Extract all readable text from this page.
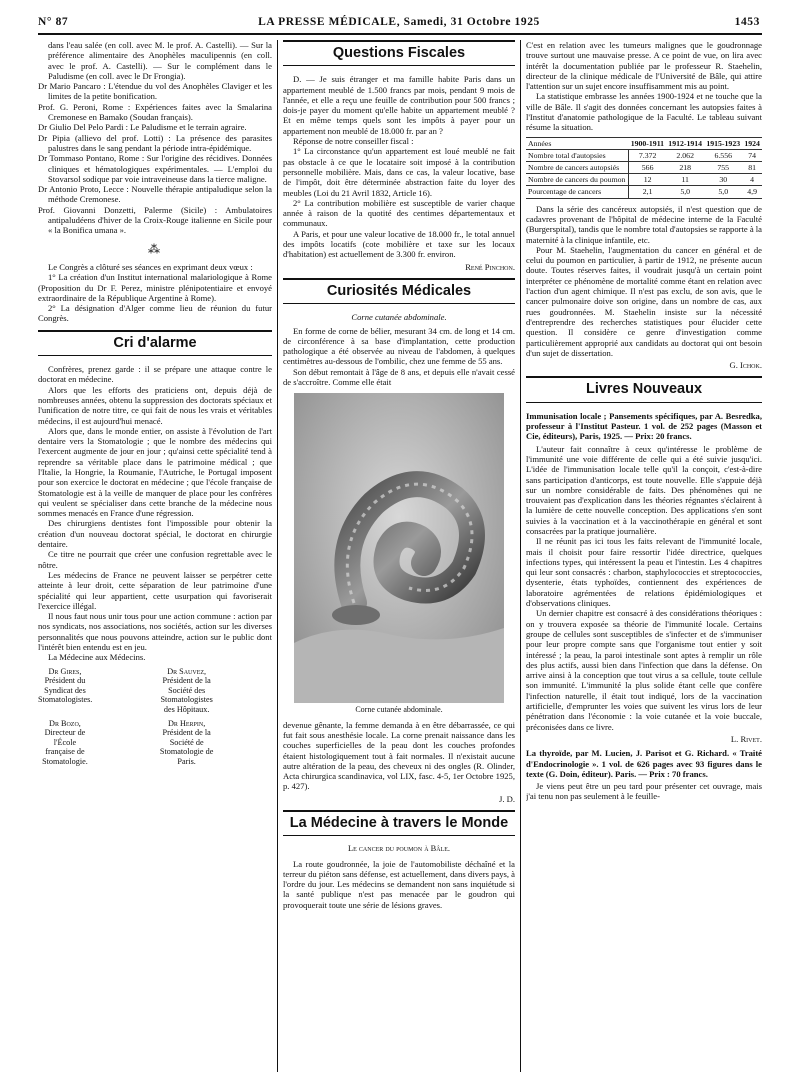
N° 87	LA PRESSE MÉDICALE, Samedi, 31 Octobre 1925	1453

dans l'eau salée (en coll. avec M. le prof. A. Castelli). — Sur la préférence alimentaire des Anophèles maculipennis (en coll. avec le prof. A. Castelli). — Sur le complément dans le Paludisme (en coll. avec le Dr Frongia).

Dr Mario Pancaro : L'étendue du vol des Anophèles Claviger et les limites de la petite bonification.

Prof. G. Peroni, Rome : Expériences faites avec la Smalarina Cremonese en Bamako (Soudan français).

Dr Giulio Del Pelo Pardi : Le Paludisme et le terrain agraire.

Dr Pipia (allievo del prof. Lotti) : La présence des parasites palustres dans le sang pendant la période intra-épidémique.

Dr Tommaso Pontano, Rome : Sur l'origine des récidives. Données cliniques et hématologiques expérimentales. — L'emploi du Stovarsol sodique par voie intraveineuse dans la tierce maligne.

Dr Antonio Proto, Lecce : Nouvelle thérapie antipaludique selon la méthode Cremonese.

Prof. Giovanni Donzetti, Palerme (Sicile) : Ambulatoires antipaludéens d'hiver de la Croix-Rouge italienne en Sicile pour « la Bonifica umana ».

⁂

Le Congrès a clôturé ses séances en exprimant deux vœux :

1° La création d'un Institut international malariologique à Rome (Proposition du Dr F. Perez, ministre plénipotentiaire et envoyé extraordinaire de la République Argentine à Rome).

2° La désignation d'Alger comme lieu de réunion du futur Congrès.

Cri d'alarme

Confrères, prenez garde : il se prépare une attaque contre le doctorat en médecine.

Alors que les efforts des praticiens ont, depuis déjà de nombreuses années, obtenu la suppression des doctorats spéciaux et l'unification de notre titre, ce qui fait de nous les vrais et véritables médecins, il est aujourd'hui menacé.

Alors que, dans le monde entier, on assiste à l'évolution de l'art dentaire vers la Stomatologie ; que le nombre des médecins qui l'exercent augmente de jour en jour ; qu'ainsi cette spécialité tend à reprendre sa véritable place dans le patrimoine médical ; que l'Italie, la Hongrie, la Roumanie, l'Autriche, le Portugal imposent pour son exercice le doctorat en médecine ; que l'école française de Stomatologie est à la veille de manquer de place pour les confrères qui veulent se spécialiser dans cette branche de la médecine nous sommes menacés en France d'une régression.

Des chirurgiens dentistes font l'impossible pour obtenir la création d'un nouveau doctorat spécial, le doctorat en chirurgie dentaire.

Ce titre ne pourrait que créer une confusion regrettable avec le nôtre.

Les médecins de France ne peuvent laisser se perpétrer cette atteinte à leur droit, cette séparation de leur patrimoine d'une spécialité qui leur appartient, cette usurpation qui favoriserait l'exercice illégal.

Il nous faut nous unir tous pour une action commune : action par nos syndicats, nos associations, nos sociétés, action sur les diverses personnalités que nous pouvons atteindre, action sur le public dont l'intérêt bien entendu est en jeu.

La Médecine aux Médecins.

Dr Gires,
Président du Syndicat des Stomatologistes.
Dr Sauvez,
Président de la Société des Stomatologistes des Hôpitaux.
Dr Bozo,
Directeur de l'École française de Stomatologie.
Dr Herpin,
Président de la Société de Stomatologie de Paris.
Questions Fiscales

D. — Je suis étranger et ma famille habite Paris dans un appartement meublé de 1.500 francs par mois, pendant 9 mois de l'année, et elle a reçu une feuille de contribution pour 500 francs ; dois-je payer du moment qu'elle habite un appartement meublé ? Et en même temps quels sont les impôts à payer pour un appartement non meublé de 18.000 fr. par an ?

Réponse de notre conseiller fiscal :

1° La circonstance qu'un appartement est loué meublé ne fait pas obstacle à ce que le locataire soit imposé à la contribution personnelle mobilière. Mais, dans ce cas, la valeur locative, base de l'impôt, doit être déterminée abstraction faite du loyer des meubles (Loi du 21 Avril 1832, Article 16).

2° La contribution mobilière est susceptible de varier chaque année à raison de la quotité des centimes départementaux et communaux.

A Paris, et pour une valeur locative de 18.000 fr., le total annuel des impôts locatifs (cote mobilière et taxe sur les locaux d'habitation) est actuellement de 3.300 fr. environ.

René Pinchon.
Curiosités Médicales
Corne cutanée abdominale.

En forme de corne de bélier, mesurant 34 cm. de long et 14 cm. de circonférence à sa base d'implantation, cette production pathologique a été observée au niveau de l'abdomen, à quelques centimètres au-dessous de l'ombilic, chez une femme de 55 ans.

Son début remontait à l'âge de 8 ans, et depuis elle n'avait cessé de s'accroître. Comme elle était

Corne cutanée abdominale.

devenue gênante, la femme demanda à en être débarrassée, ce qui fut fait sous anesthésie locale. La corne prenait naissance dans les couches superficielles de la peau dont les couches profondes étaient histologiquement tout à fait normales. Il n'existait aucune autre altération de la peau, des cheveux ni des ongles (R. Olinder, Acta chirurgica scandinavica, vol LIX, fasc. 4-5, 1er Octobre 1925, p. 427).

J. D.
La Médecine à travers le Monde
Le cancer du poumon à Bâle.

La route goudronnée, la joie de l'automobiliste déchaîné et la terreur du piéton sans défense, est actuellement, dans divers pays, à l'ordre du jour. Les médecins se demandent non sans inquiétude si la santé publique n'est pas menacée par le goudron qui provoquerait toute une série de lésions graves.

C'est en relation avec les tumeurs malignes que le goudronnage trouve surtout une mauvaise presse. A ce point de vue, on lira avec intérêt la documentation publiée par le professeur R. Staehelin, directeur de la clinique médicale de l'Université de Bâle, qui attire l'attention sur un sujet encore insuffisamment mis au point.

La statistique embrasse les années 1900-1924 et ne touche que la ville de Bâle. Il s'agit des données concernant les autopsies faites à l'Institut d'anatomie pathologique de la Faculté. Le tableau suivant résume la situation.

Années	1900-1911	1912-1914	1915-1923	1924
Nombre total d'autopsies	7.372	2.062	6.556	74
Nombre de cancers autopsiés	566	218	755	81
Nombre de cancers du poumon	12	11	30	4
Pourcentage de cancers	2,1	5,0	5,0	4,9

Dans la série des cancéreux autopsiés, il n'est question que de cadavres provenant de l'hôpital de médecine interne de la Faculté (Burgerspital), tandis que le nombre total d'autopsies se rapporte à la maternité à la clinique infantile, etc.

Pour M. Staehelin, l'augmentation du cancer en général et de celui du poumon en particulier, à partir de 1912, ne présente aucun doute. Toutes réserves faites, il voudrait jusqu'à un certain point interpréter ce phénomène de mortalité comme étant en relation avec l'action d'un agent chimique. Il n'est pas exclu, de son avis, que le cancer pulmonaire doive son origine, dans un nombre de cas, aux rues goudronnées. M. Staehelin insiste sur la nécessité d'entreprendre des recherches statistiques pour élucider cette question. Il considère ce genre d'investigation comme particulièrement approprié aux candidats au doctorat qui ont besoin d'un sujet de dissertation.

G. Ichok.
Livres Nouveaux

Immunisation locale ; Pansements spécifiques, par A. Besredka, professeur à l'Institut Pasteur. 1 vol. de 252 pages (Masson et Cie, éditeurs), Paris, 1925. — Prix: 20 francs.

L'auteur fait connaître à ceux qu'intéresse le problème de l'immunité une voie différente de celle qui a été suivie jusqu'ici. L'idée de l'immunisation locale telle qu'il la conçoit, c'est-à-dire sans participation d'anticorps, est toute nouvelle. Elle s'appuie déjà sur un nombre considérable de faits. Des phénomènes qui ne trouvaient pas d'explication dans les théories régnantes s'éclairent à la lumière de cette nouvelle conception. Des applications s'en sont suivies à la vaccination et à la vaccinothérapie en général et sont consacrées par la pratique journalière.

Il ne réunit pas ici tous les faits relevant de l'immunité locale, mais il choisit pour faire ressortir l'idée directrice, quelques infections types, qui intéressent la peau et l'intestin. Les 4 chapitres qui leur sont consacrés : charbon, staphylococcies et streptococcies, dysenterie, états typhoïdes, contiennent des expériences de laboratoire agrémentées de relations épidémiologiques et d'observations cliniques.

Un dernier chapitre est consacré à des considérations théoriques : on y trouvera exposée sa théorie de l'immunité locale. Certains groupe de cellules sont susceptibles de s'infecter et de s'immuniser pour leur propre compte sans que l'organisme tout entier y soit intéressé ; la peau, la paroi intestinale sont aptes à remplir un rôle des plus actifs, aussi bien dans l'infection que dans la défense. On arrive ainsi à la conception que tout virus a sa cellule, toute cellule son immunité. L'immunité la plus solide étant celle que confère l'infection naturelle, il était tout indiqué, lors de la vaccination artificielle, d'emprunter les voies que suivent les virus lors de leur pénétration dans l'économie : la voie cutanée et la voie buccale, préconisées dans ce livre.

L. Rivet.

La thyroïde, par M. Lucien, J. Parisot et G. Richard. « Traité d'Endocrinologie ». 1 vol. de 626 pages avec 93 figures dans le texte (G. Doin, éditeur). Paris. — Prix : 70 francs.

Je viens peut être un peu tard pour présenter cet ouvrage, mais j'ai tenu non pas seulement à le feuille-
